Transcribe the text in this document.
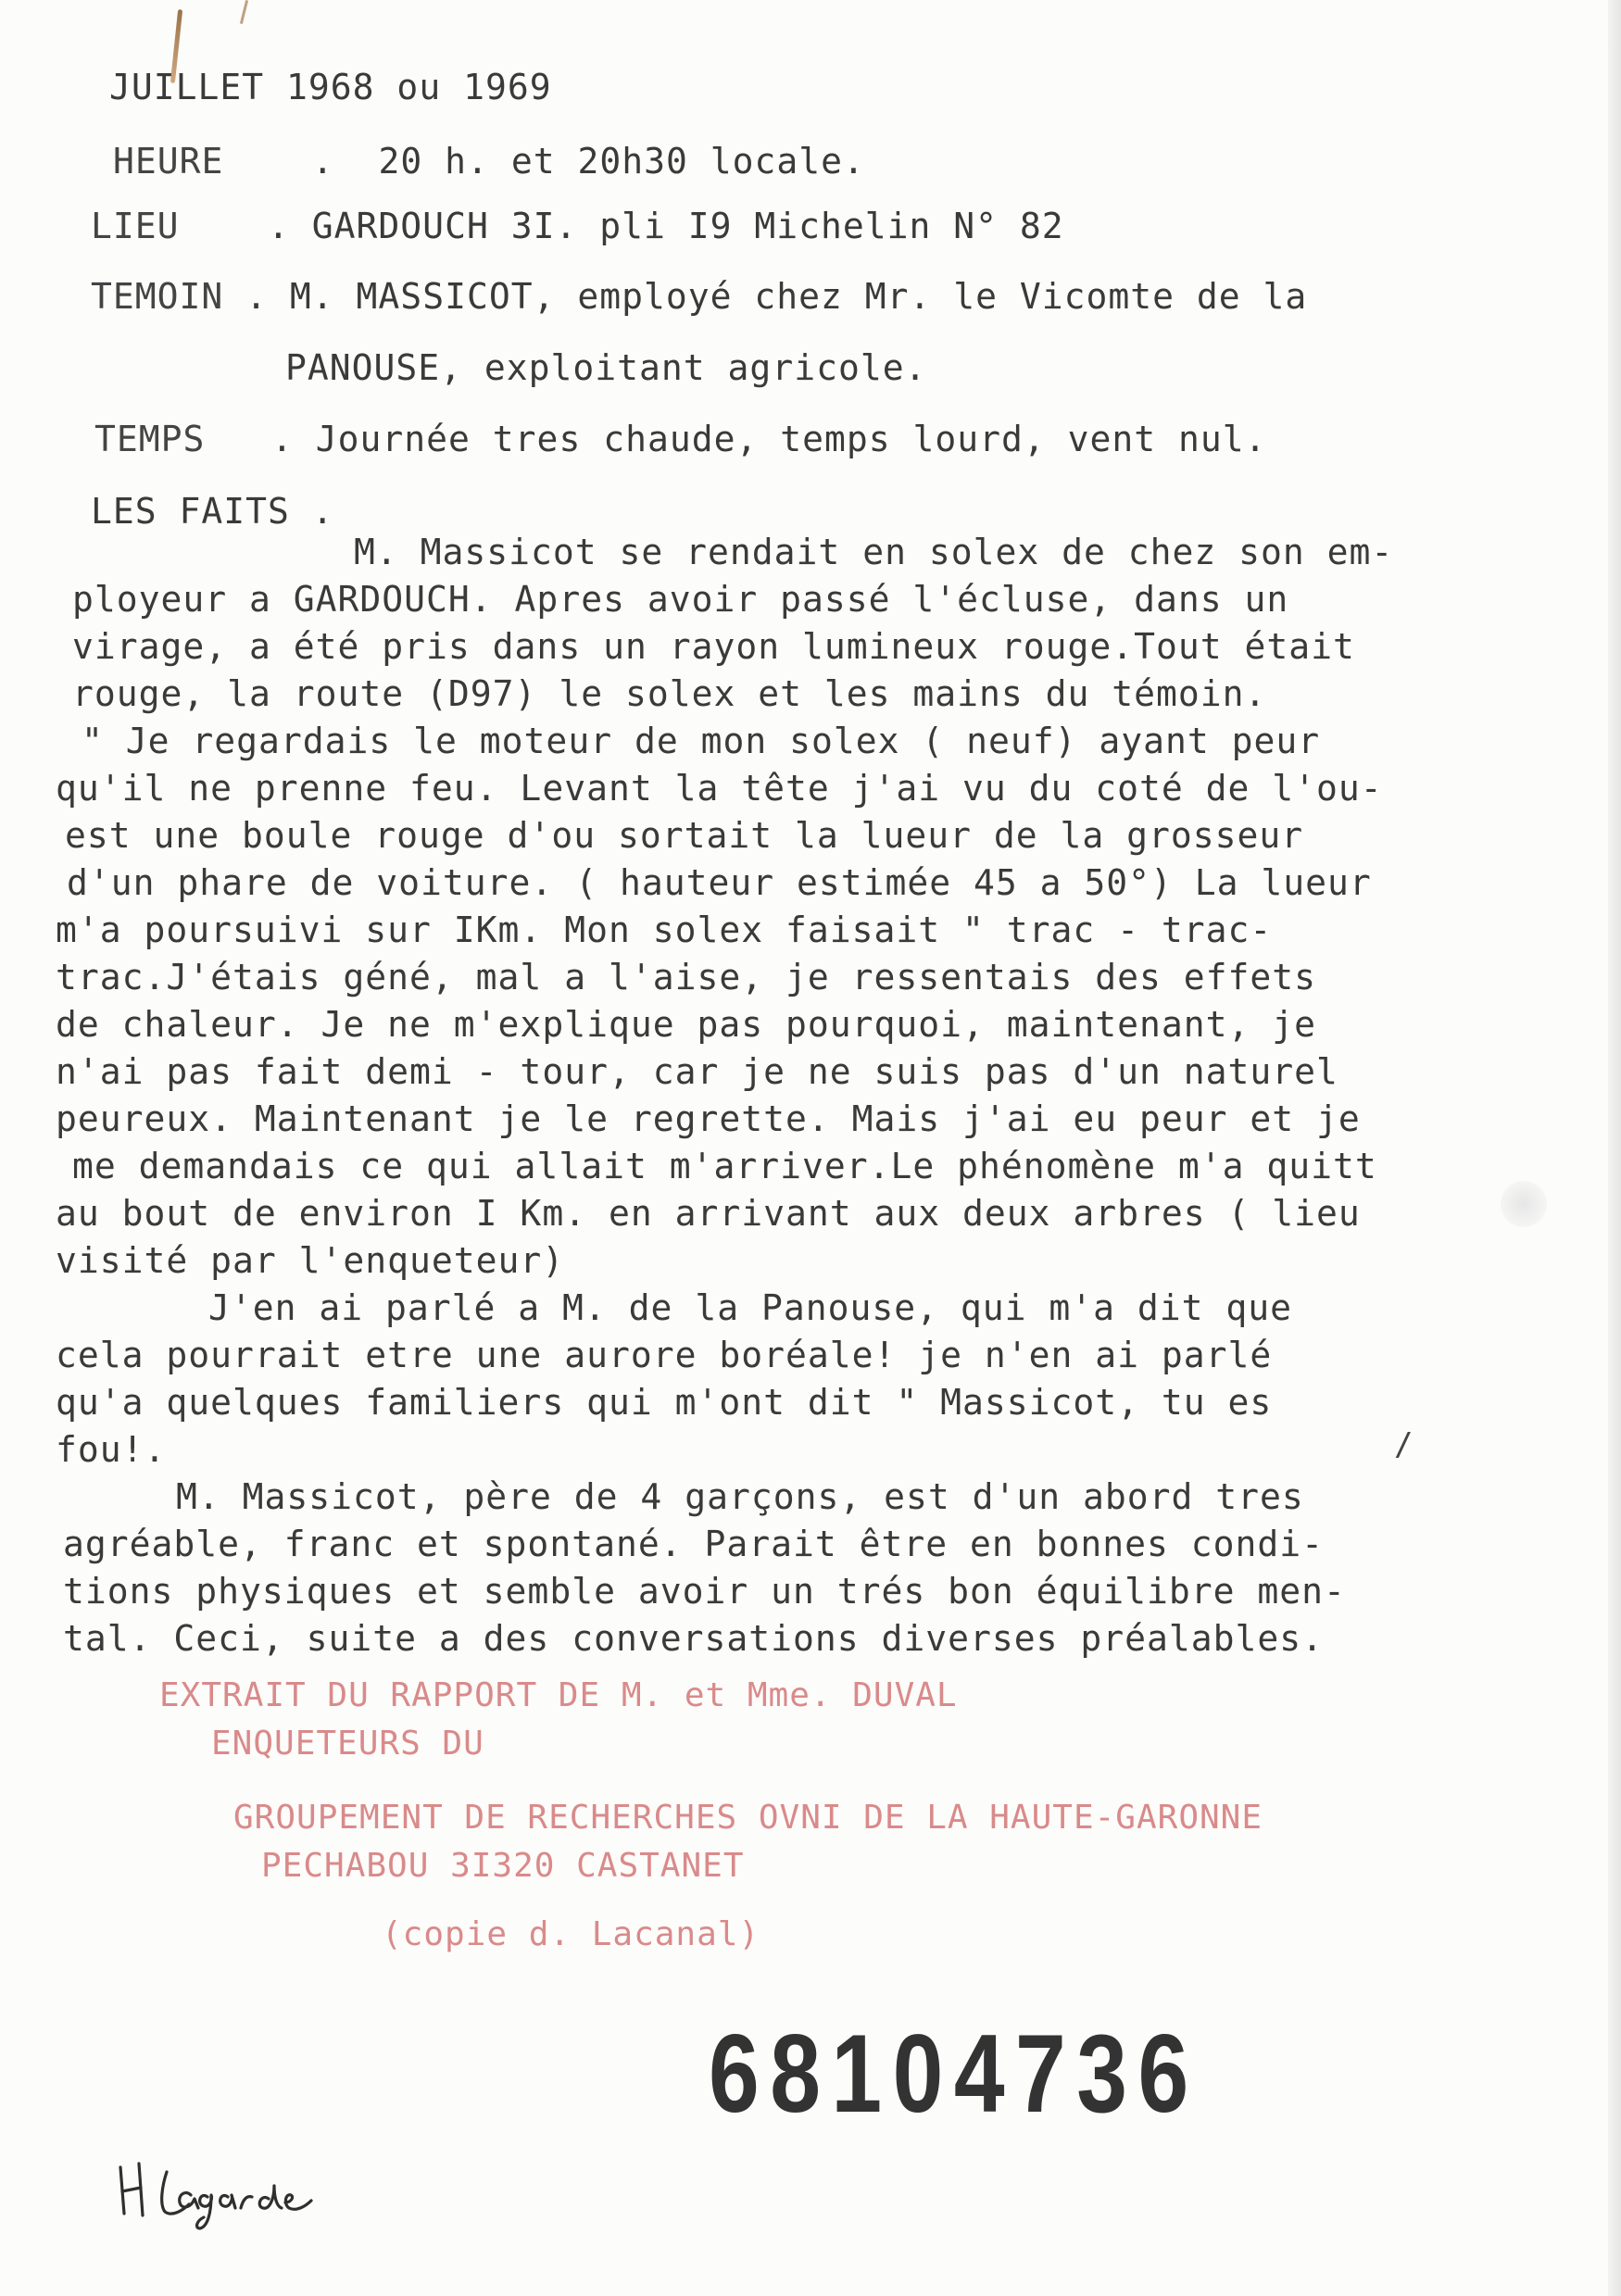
JUILLET 1968 ou 1969
HEURE    .  20 h. et 20h30 locale.
LIEU    . GARDOUCH 3I. pli I9 Michelin N° 82
TEMOIN . M. MASSICOT, employé chez Mr. le Vicomte de la
PANOUSE, exploitant agricole.
TEMPS   . Journée tres chaude, temps lourd, vent nul.
LES FAITS .
M. Massicot se rendait en solex de chez son em-
ployeur a GARDOUCH. Apres avoir passé l'écluse, dans un
virage, a été pris dans un rayon lumineux rouge.Tout était
rouge, la route (D97) le solex et les mains du témoin.
" Je regardais le moteur de mon solex ( neuf) ayant peur
qu'il ne prenne feu. Levant la tête j'ai vu du coté de l'ou-
est une boule rouge d'ou sortait la lueur de la grosseur
d'un phare de voiture. ( hauteur estimée 45 a 50°) La lueur
m'a poursuivi sur IKm. Mon solex faisait " trac - trac-
trac.J'étais géné, mal a l'aise, je ressentais des effets
de chaleur. Je ne m'explique pas pourquoi, maintenant, je
n'ai pas fait demi - tour, car je ne suis pas d'un naturel
peureux. Maintenant je le regrette. Mais j'ai eu peur et je
me demandais ce qui allait m'arriver.Le phénomène m'a quitt
au bout de environ I Km. en arrivant aux deux arbres ( lieu
visité par l'enqueteur)
J'en ai parlé a M. de la Panouse, qui m'a dit que
cela pourrait etre une aurore boréale! je n'en ai parlé
qu'a quelques familiers qui m'ont dit " Massicot, tu es
fou!.
M. Massicot, père de 4 garçons, est d'un abord tres
agréable, franc et spontané. Parait être en bonnes condi-
tions physiques et semble avoir un trés bon équilibre men-
tal. Ceci, suite a des conversations diverses préalables.
/
EXTRAIT DU RAPPORT DE M. et Mme. DUVAL
ENQUETEURS DU
GROUPEMENT DE RECHERCHES OVNI DE LA HAUTE-GARONNE
PECHABOU 3I320 CASTANET
(copie d. Lacanal)
68104736
